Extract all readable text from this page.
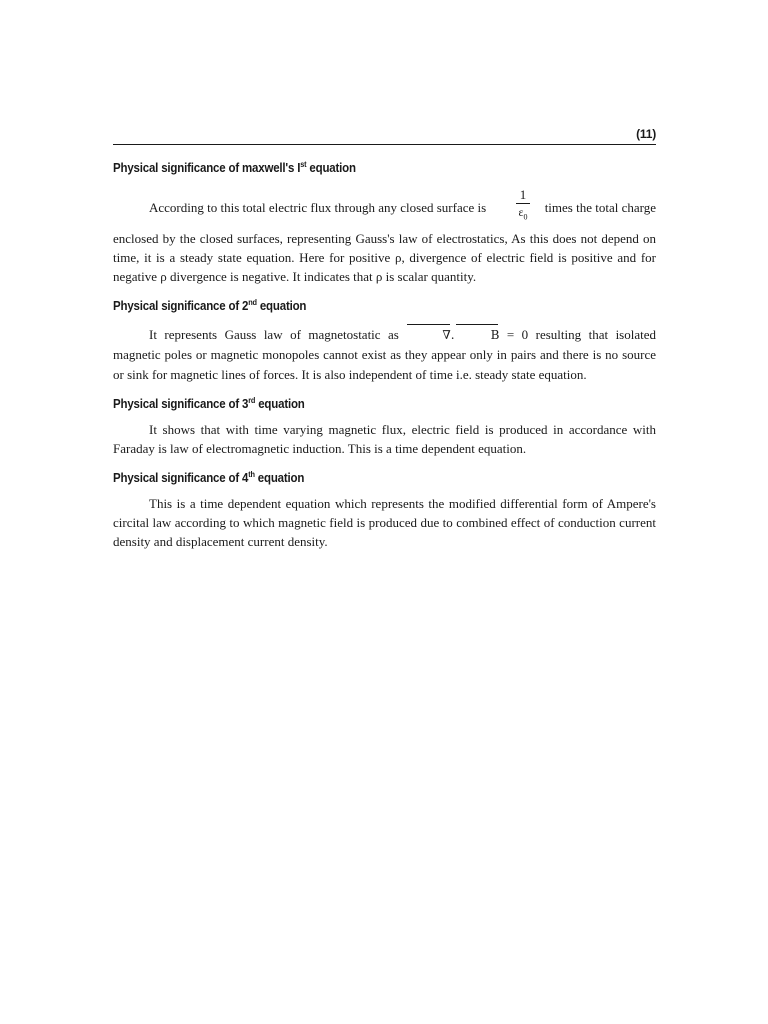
(11)
Physical significance of maxwell's Ist equation
According to this total electric flux through any closed surface is
1
$\varepsilon_0$
times the total charge

enclosed by the closed surfaces, representing Gauss's law of electrostatics, As this does not depend on time, it is a steady state equation. Here for positive ρ, divergence of electric field is positive and for negative ρ divergence is negative. It indicates that ρ is scalar quantity.

Physical significance of 2nd equation

It represents Gauss law of magnetostatic as	∇.	B = 0 resulting that isolated magnetic poles or magnetic monopoles cannot exist as they appear only in pairs and there is no source or sink for magnetic lines of forces. It is also independent of time i.e. steady state equation.

Physical significance of 3rd equation

It shows that with time varying magnetic flux, electric field is produced in accordance with Faraday is law of electromagnetic induction. This is a time dependent equation.

Physical significance of 4th equation

This is a time dependent equation which represents the modified differential form of Ampere's circital law according to which magnetic field is produced due to combined effect of conduction current density and displacement current density.
